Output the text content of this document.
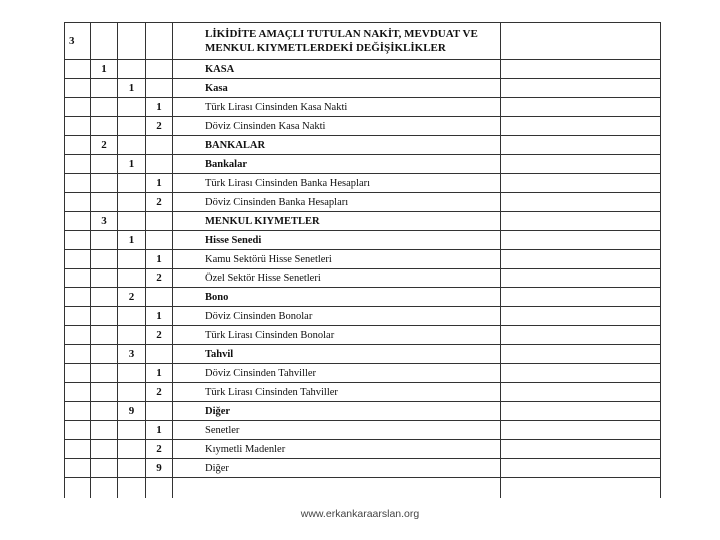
3				LİKİDİTE AMAÇLI TUTULAN NAKİT, MEVDUAT VE MENKUL KIYMETLERDEKİ DEĞİŞİKLİKLER	
	1			KASA	
		1		Kasa	
			1	Türk Lirası Cinsinden Kasa Nakti	
			2	Döviz Cinsinden Kasa Nakti	
	2			BANKALAR	
		1		Bankalar	
			1	Türk Lirası Cinsinden Banka Hesapları	
			2	Döviz Cinsinden Banka Hesapları	
	3			MENKUL KIYMETLER	
		1		Hisse Senedi	
			1	Kamu Sektörü Hisse Senetleri	
			2	Özel Sektör Hisse Senetleri	
		2		Bono	
			1	Döviz Cinsinden Bonolar	
			2	Türk Lirası Cinsinden Bonolar	
		3		Tahvil	
			1	Döviz Cinsinden Tahviller	
			2	Türk Lirası Cinsinden Tahviller	
		9		Diğer	
			1	Senetler	
			2	Kıymetli Madenler	
			9	Diğer	

www.erkankaraarslan.org
